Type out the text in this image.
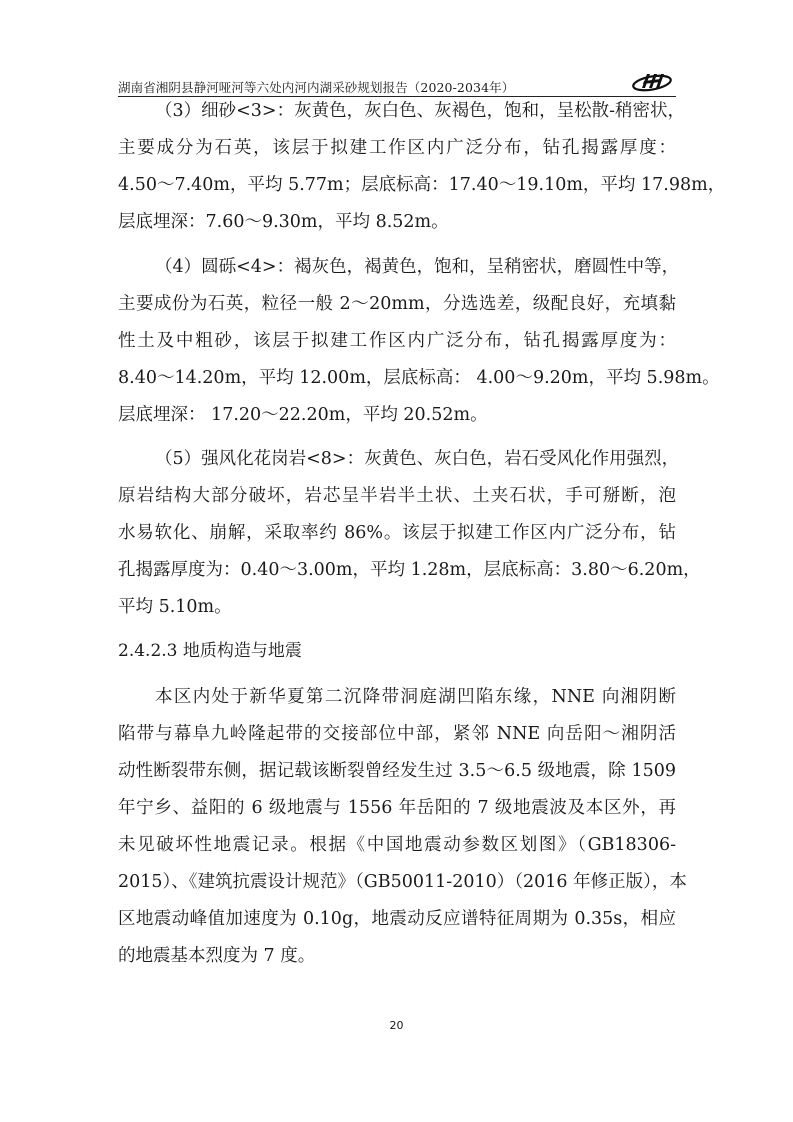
湖南省湘阴县静河哑河等六处内河内湖采砂规划报告（2020-2034年）
（3）细砂<3>：灰黄色，灰白色、灰褐色，饱和，呈松散-稍密状，
主要成分为石英，该层于拟建工作区内广泛分布，钻孔揭露厚度：
4.50～7.40m，平均 5.77m；层底标高：17.40～19.10m，平均 17.98m，
层底埋深：7.60～9.30m，平均 8.52m。
（4）圆砾<4>：褐灰色，褐黄色，饱和，呈稍密状，磨圆性中等，
主要成份为石英，粒径一般 2～20mm，分选选差，级配良好，充填黏
性土及中粗砂，该层于拟建工作区内广泛分布，钻孔揭露厚度为：
8.40～14.20m，平均 12.00m，层底标高： 4.00～9.20m，平均 5.98m。
层底埋深： 17.20～22.20m，平均 20.52m。
（5）强风化花岗岩<8>：灰黄色、灰白色，岩石受风化作用强烈，
原岩结构大部分破坏，岩芯呈半岩半土状、土夹石状，手可掰断，泡
水易软化、崩解，采取率约 86%。该层于拟建工作区内广泛分布，钻
孔揭露厚度为：0.40～3.00m，平均 1.28m，层底标高：3.80～6.20m，
平均 5.10m。
2.4.2.3 地质构造与地震
本区内处于新华夏第二沉降带洞庭湖凹陷东缘，NNE 向湘阴断
陷带与幕阜九岭隆起带的交接部位中部，紧邻 NNE 向岳阳～湘阴活
动性断裂带东侧，据记载该断裂曾经发生过 3.5～6.5 级地震，除 1509
年宁乡、益阳的 6 级地震与 1556 年岳阳的 7 级地震波及本区外，再
未见破坏性地震记录。根据《中国地震动参数区划图》（GB18306-
2015）、《建筑抗震设计规范》（GB50011-2010）（2016 年修正版），本
区地震动峰值加速度为 0.10g，地震动反应谱特征周期为 0.35s，相应
的地震基本烈度为 7 度。
20
